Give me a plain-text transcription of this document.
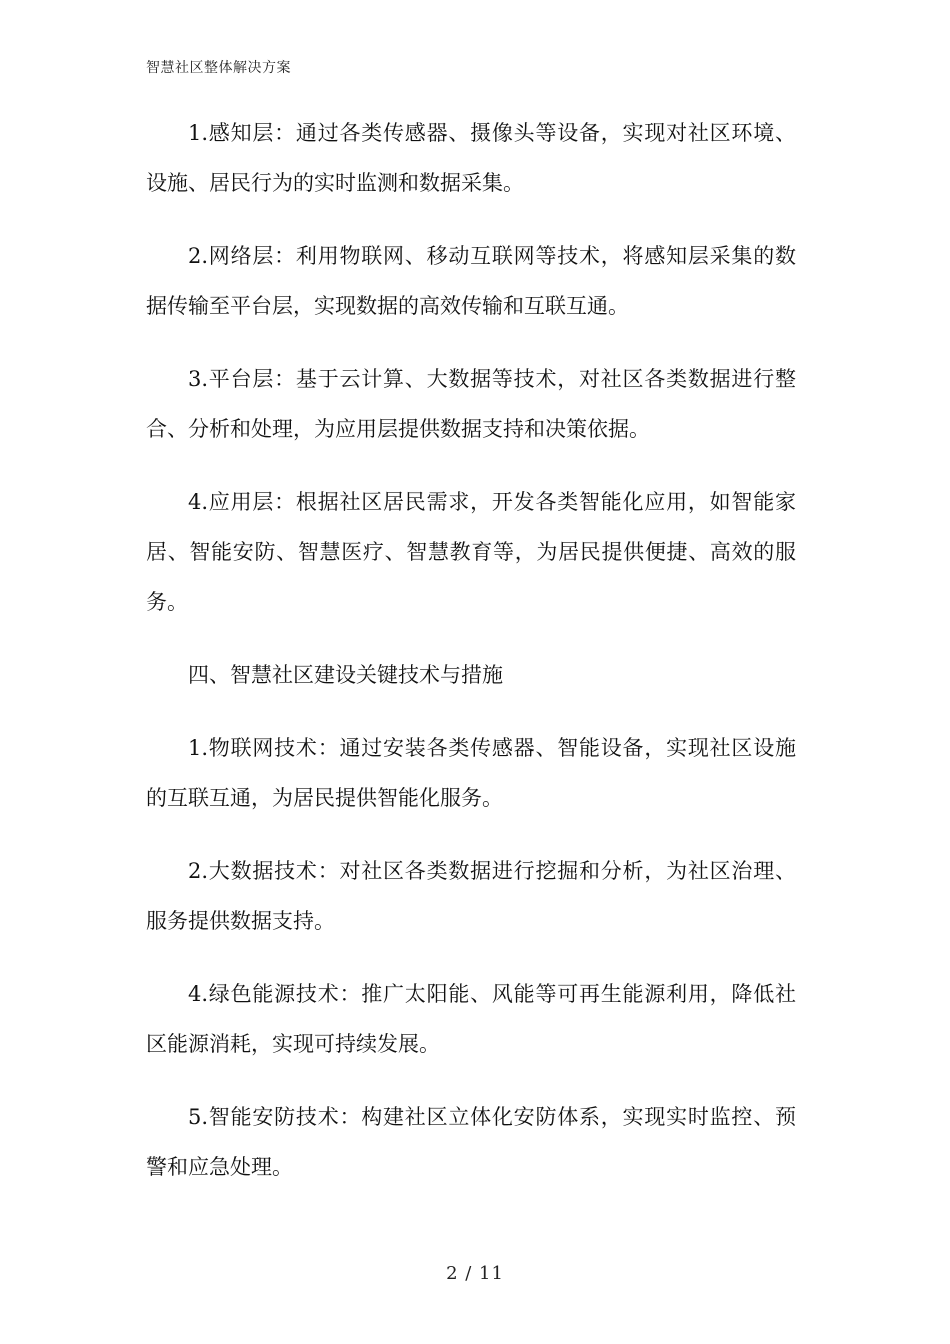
智慧社区整体解决方案

1.感知层：通过各类传感器、摄像头等设备，实现对社区环境、设施、居民行为的实时监测和数据采集。

2.网络层：利用物联网、移动互联网等技术，将感知层采集的数据传输至平台层，实现数据的高效传输和互联互通。

3.平台层：基于云计算、大数据等技术，对社区各类数据进行整合、分析和处理，为应用层提供数据支持和决策依据。

4.应用层：根据社区居民需求，开发各类智能化应用，如智能家居、智能安防、智慧医疗、智慧教育等，为居民提供便捷、高效的服务。

四、智慧社区建设关键技术与措施

1.物联网技术：通过安装各类传感器、智能设备，实现社区设施的互联互通，为居民提供智能化服务。

2.大数据技术：对社区各类数据进行挖掘和分析，为社区治理、服务提供数据支持。

4.绿色能源技术：推广太阳能、风能等可再生能源利用，降低社区能源消耗，实现可持续发展。

5.智能安防技术：构建社区立体化安防体系，实现实时监控、预警和应急处理。

2 / 11
